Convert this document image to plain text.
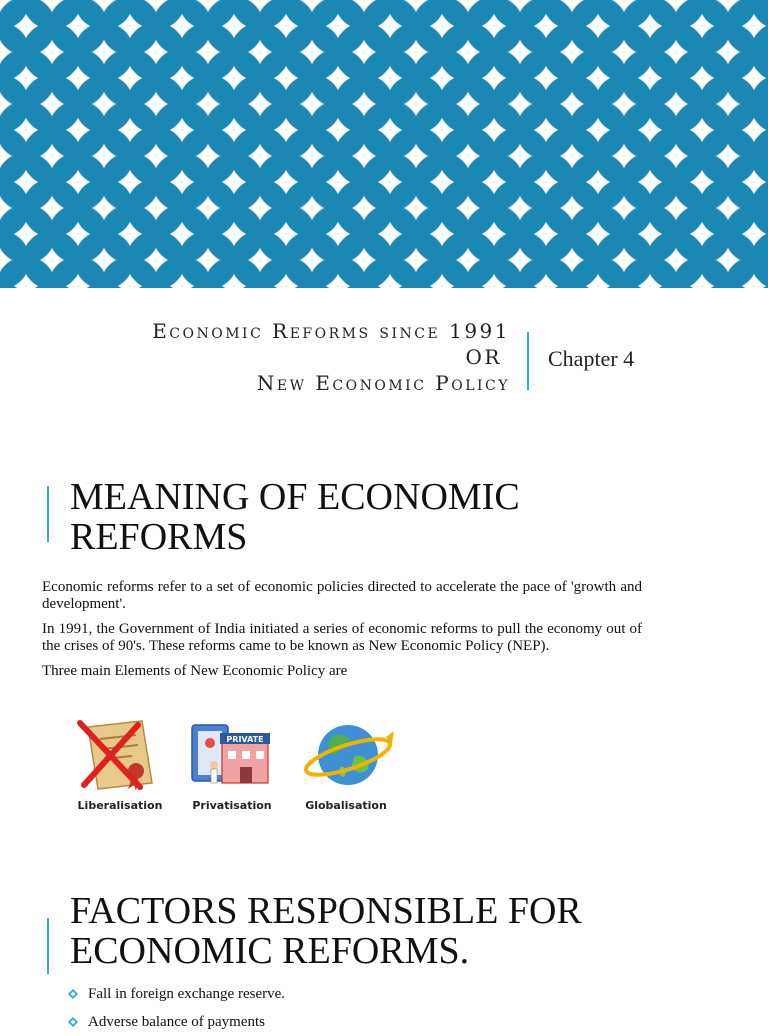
Economic Reforms since 1991
OR
New Economic Policy
Chapter 4
MEANING OF ECONOMIC
REFORMS

Economic reforms refer to a set of economic policies directed to accelerate the pace of 'growth and development'.

In 1991, the Government of India initiated a series of economic reforms to pull the economy out of the crises of 90's. These reforms came to be known as New Economic Policy (NEP).

Three main Elements of New Economic Policy are

Liberalisation
PRIVATE
Privatisation	Globalisation
FACTORS RESPONSIBLE FOR
ECONOMIC REFORMS.
Fall in foreign exchange reserve.
Adverse balance of payments
